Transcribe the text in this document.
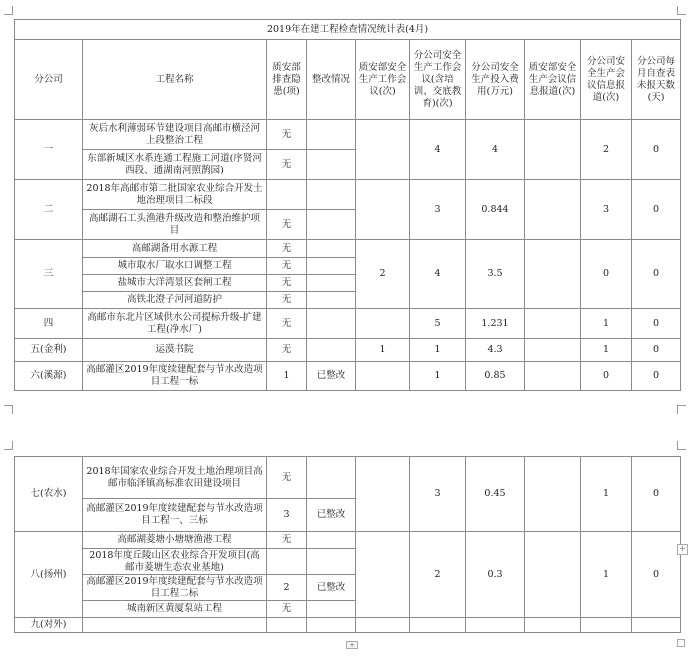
2019年在建工程检查情况统计表(4月)									
分公司	工程名称	质安部排查隐患(项)	整改情况	质安部安全生产工作会议(次)	分公司安全生产工作会议(含培训、交底教育)(次)	分公司安全生产投入费用(万元)	质安部安全生产会议信息报道(次)	分公司安全生产会议信息报道(次)	分公司每月自查表未报天数(天)
一	灰后水利薄弱环节建设项目高邮市横泾河上段整治工程	无			4	4		2	0
	东部新城区水系连通工程施工河道(序贤河西段、通湖南河照鹊园)	无							
二	2018年高邮市第二批国家农业综合开发土地治理项目二标段				3	0.844		3	0
	高邮湖石工头渔港升级改造和整治维护项目	无							
三	高邮湖备用水源工程	无		2	4	3.5		0	0
	城市取水厂取水口调整工程	无							
	盐城市大洋湾景区套闸工程	无							
	高铁北澄子河河道防护	无							
四	高邮市东北片区域供水公司提标升级-扩建工程(净水厂)	无			5	1.231		1	0
五(金利)	运漠书院	无		1	1	4.3		1	0
六(溪源)	高邮灌区2019年度续建配套与节水改造项目工程一标	1	已整改		1	0.85		0	0
七(农水)	2018年国家农业综合开发土地治理项目高邮市临泽镇高标准农田建设项目	无			3	0.45		1	0
	高邮灌区2019年度续建配套与节水改造项目工程一、三标	3	已整改						
八(扬州)	高邮湖菱塘小塘塘渔港工程	无			2	0.3		1	0
	2018年度丘陵山区农业综合开发项目(高邮市菱塘生态农业基地)								
	高邮灌区2019年度续建配套与节水改造项目工程二标	2	已整改						
	城南新区黄厦泵站工程	无							
九(对外)									
+
+
